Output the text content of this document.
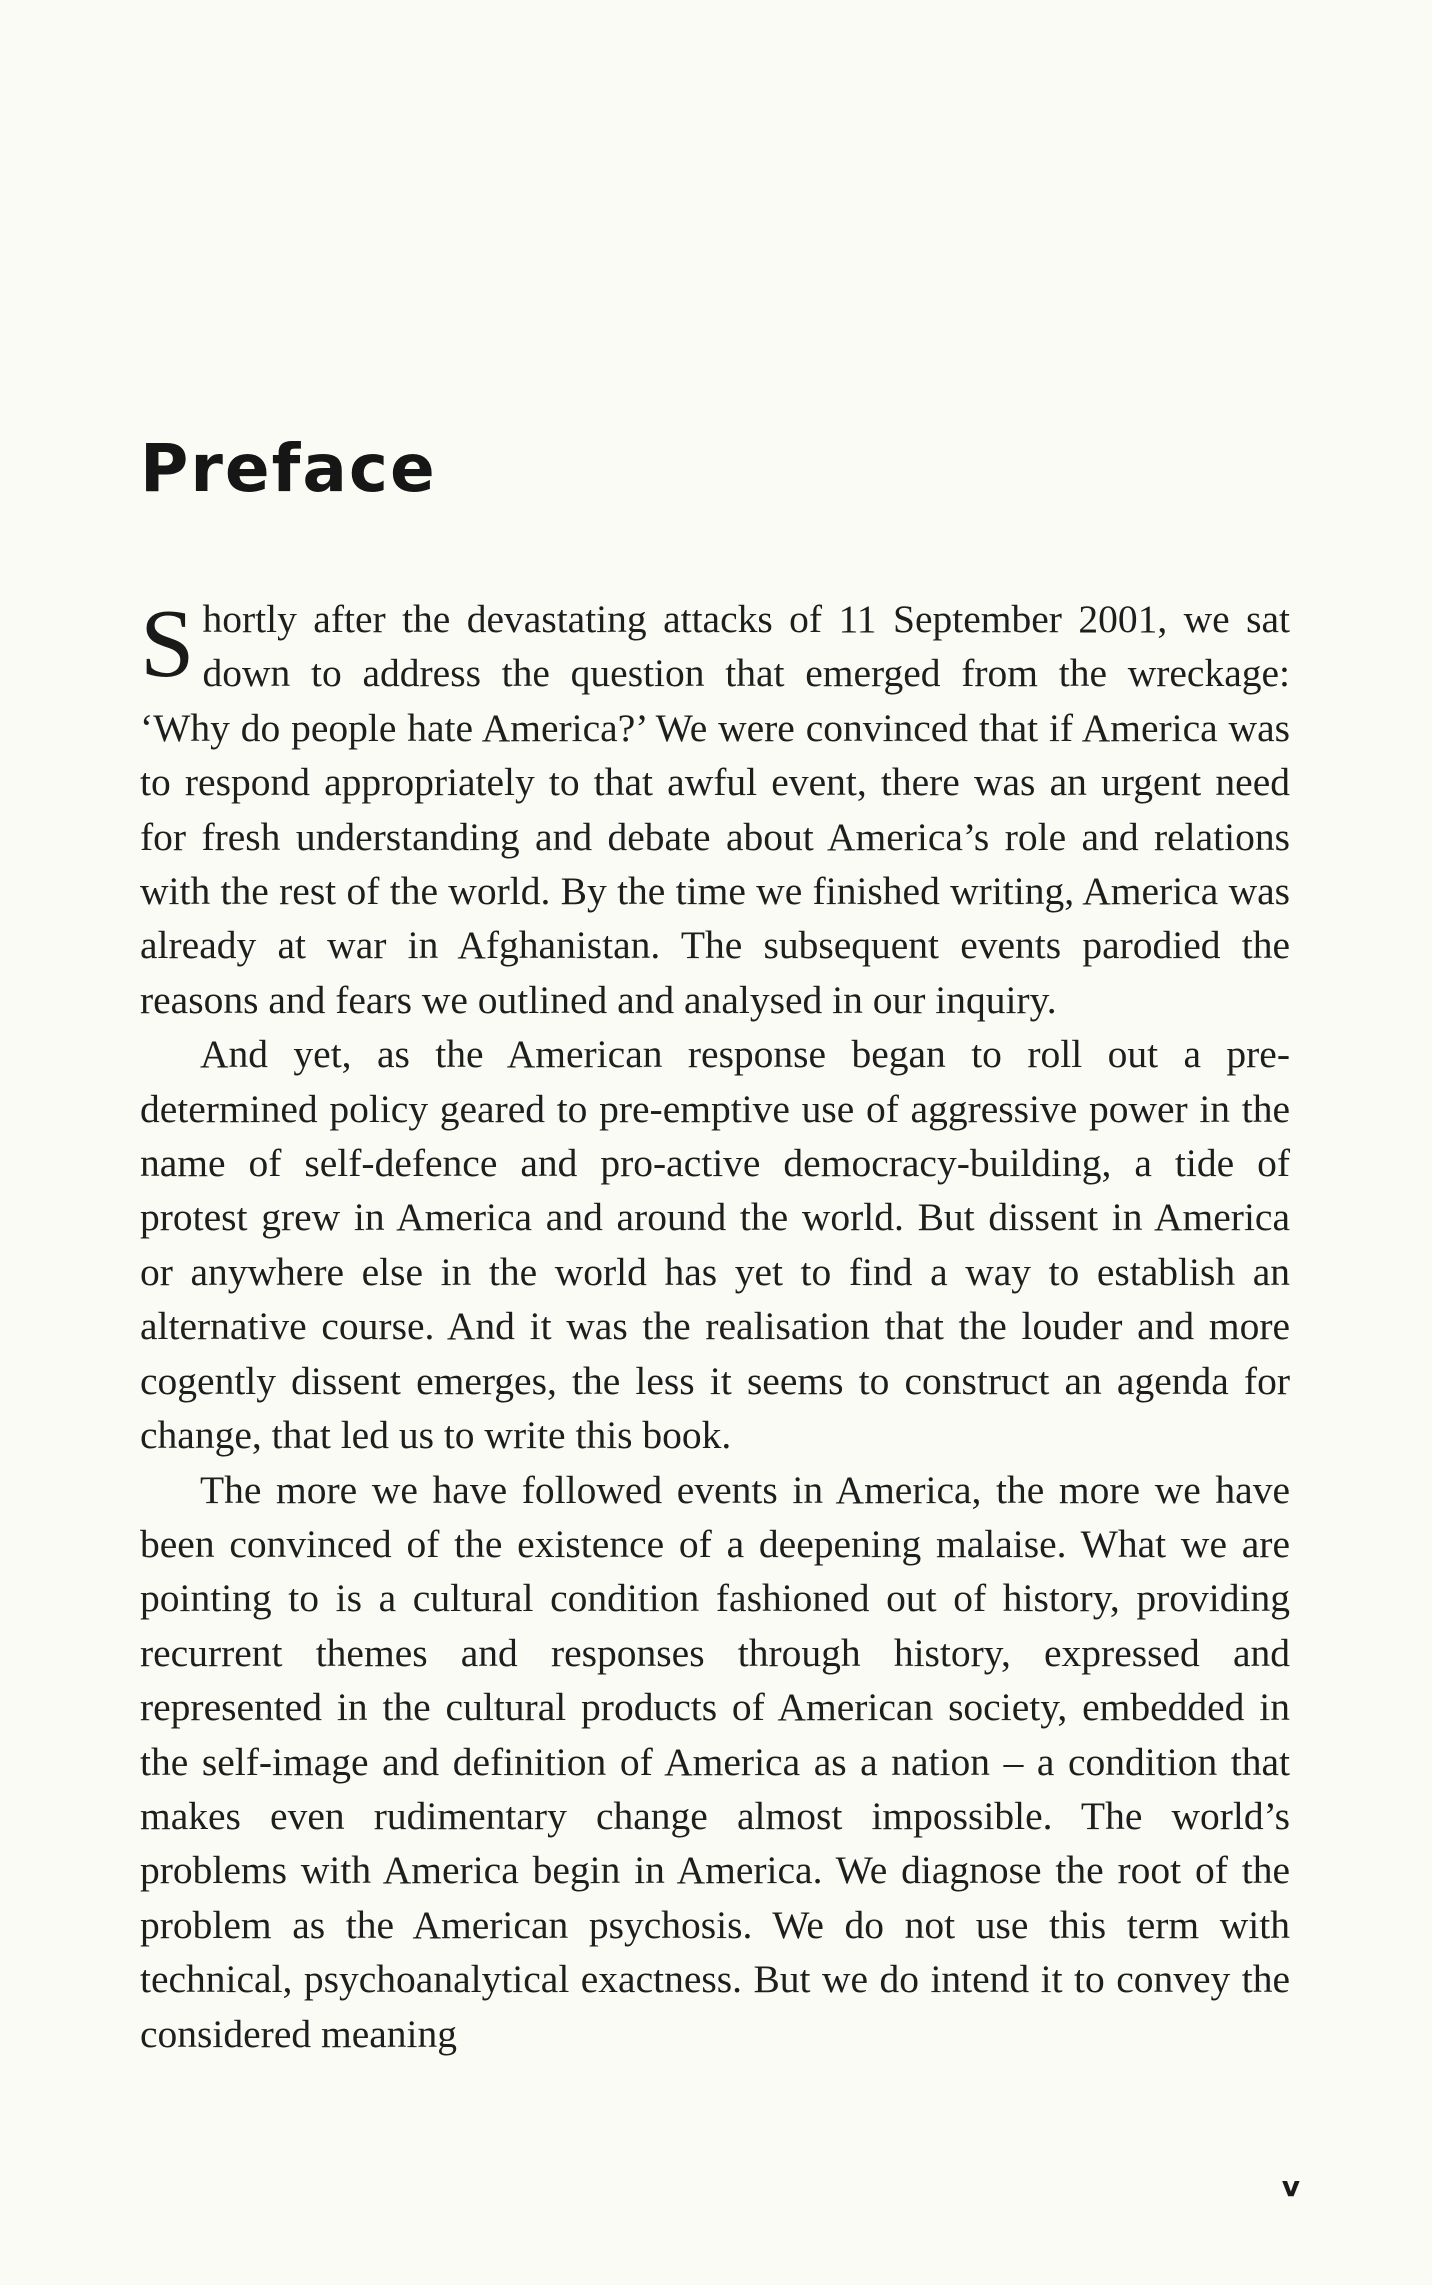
Preface

Shortly after the devastating attacks of 11 September 2001, we sat down to address the question that emerged from the wreckage: ‘Why do people hate America?’ We were convinced that if America was to respond appropriately to that awful event, there was an urgent need for fresh understanding and debate about America’s role and relations with the rest of the world. By the time we finished writing, America was already at war in Afghanistan. The subsequent events parodied the reasons and fears we outlined and analysed in our inquiry.

And yet, as the American response began to roll out a pre-determined policy geared to pre-emptive use of aggressive power in the name of self-defence and pro-active democracy-building, a tide of protest grew in America and around the world. But dissent in America or anywhere else in the world has yet to find a way to establish an alternative course. And it was the realisation that the louder and more cogently dissent emerges, the less it seems to construct an agenda for change, that led us to write this book.

The more we have followed events in America, the more we have been convinced of the existence of a deepening malaise. What we are pointing to is a cultural condition fashioned out of history, providing recurrent themes and responses through history, expressed and represented in the cultural products of American society, embedded in the self-image and definition of America as a nation – a condition that makes even rudimentary change almost impossible. The world’s problems with America begin in America. We diagnose the root of the problem as the American psychosis. We do not use this term with technical, psychoanalytical exactness. But we do intend it to convey the considered meaning

v
